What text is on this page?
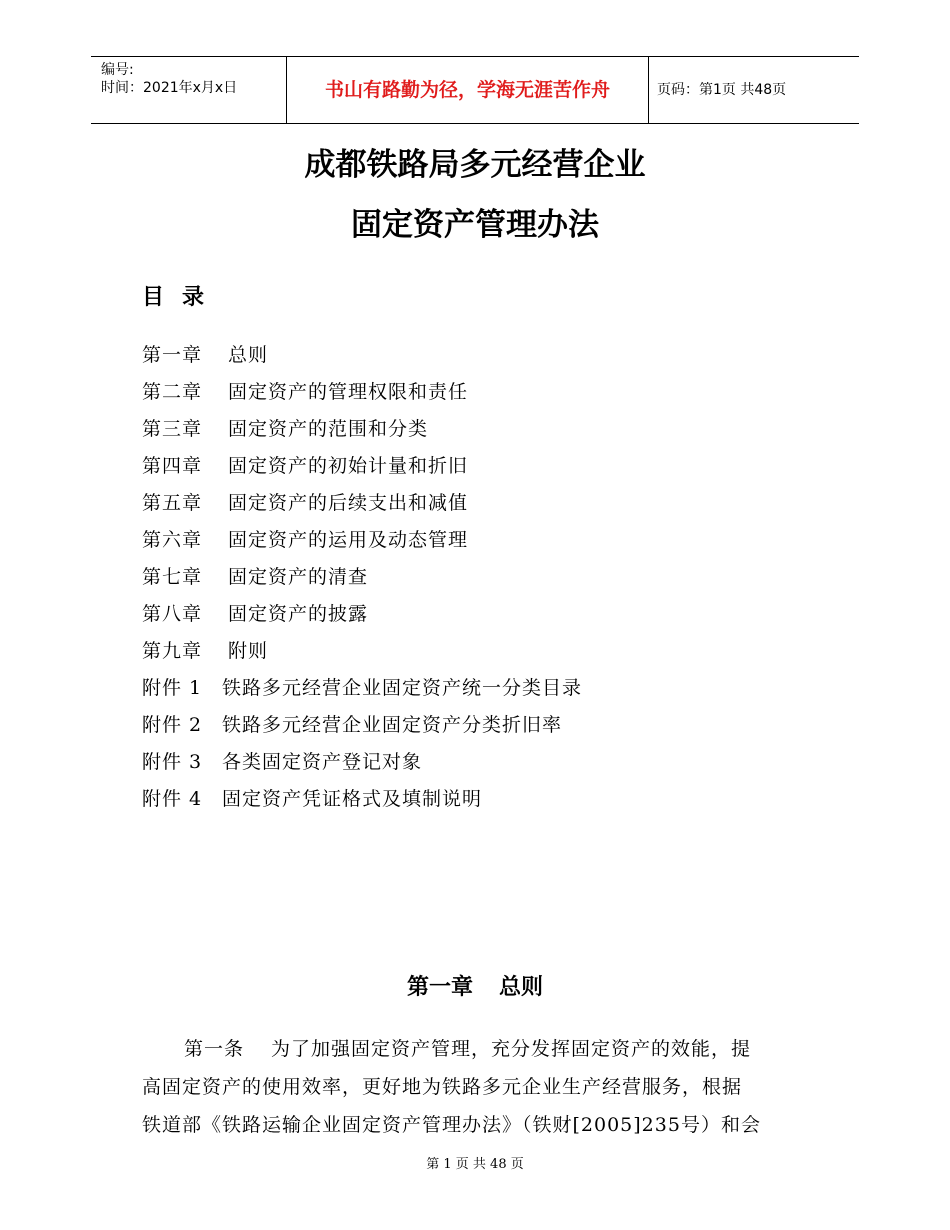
编号:
时间：2021年x月x日	书山有路勤为径，学海无涯苦作舟	页码：第1页 共48页
成都铁路局多元经营企业
固定资产管理办法
目录
第一章 总则
第二章 固定资产的管理权限和责任
第三章 固定资产的范围和分类
第四章 固定资产的初始计量和折旧
第五章 固定资产的后续支出和减值
第六章 固定资产的运用及动态管理
第七章 固定资产的清查
第八章 固定资产的披露
第九章 附则
附件 1 铁路多元经营企业固定资产统一分类目录
附件 2 铁路多元经营企业固定资产分类折旧率
附件 3 各类固定资产登记对象
附件 4 固定资产凭证格式及填制说明
第一章 总则
第一条　 为了加强固定资产管理，充分发挥固定资产的效能，提
高固定资产的使用效率，更好地为铁路多元企业生产经营服务，根据
铁道部《铁路运输企业固定资产管理办法》（铁财[2005]235号）和会
第 1 页 共 48 页
